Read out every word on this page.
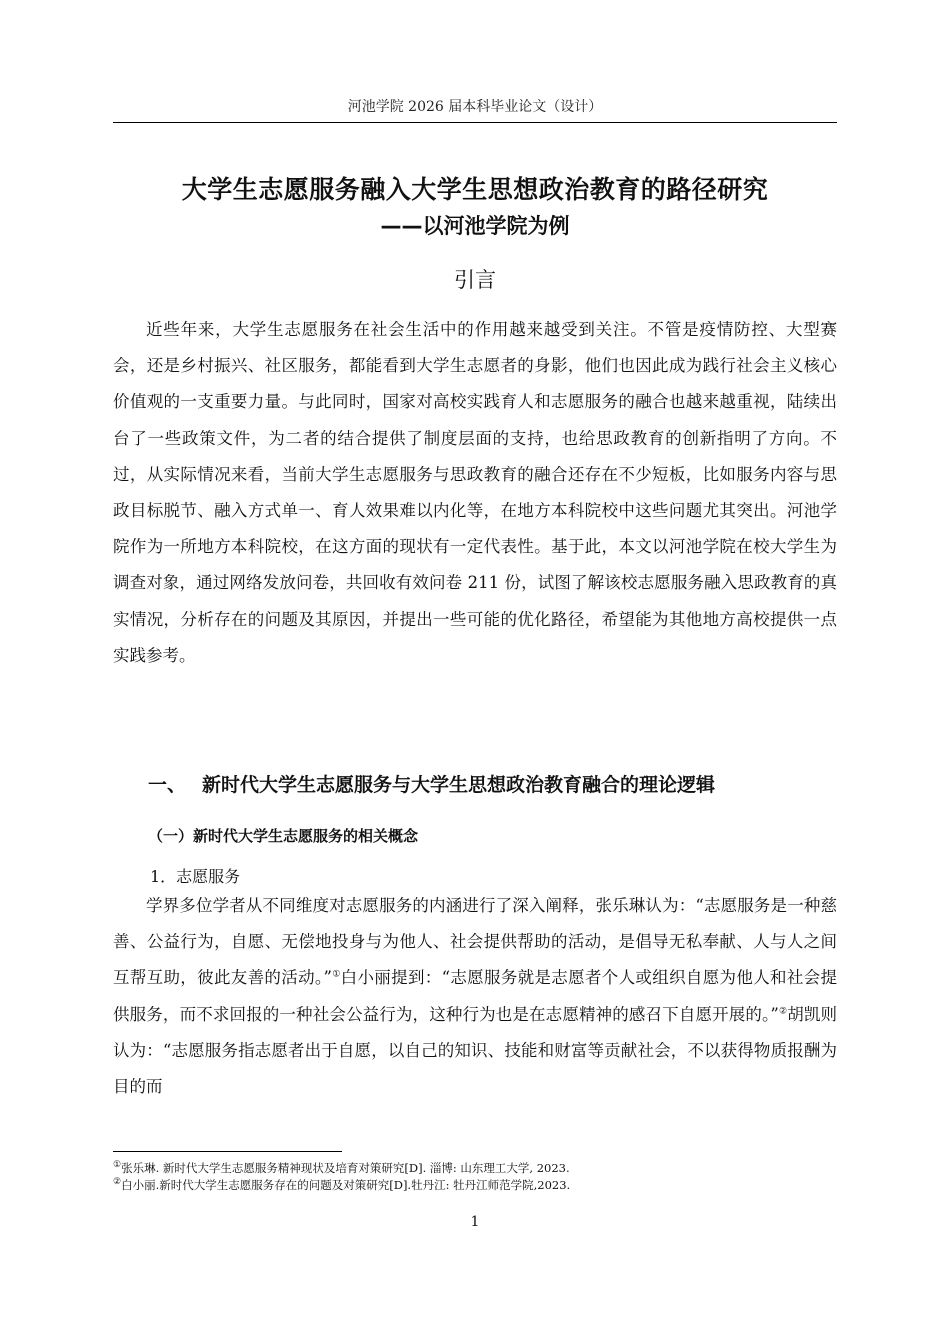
河池学院 2026 届本科毕业论文（设计）
大学生志愿服务融入大学生思想政治教育的路径研究
——以河池学院为例
引言

近些年来，大学生志愿服务在社会生活中的作用越来越受到关注。不管是疫情防控、大型赛会，还是乡村振兴、社区服务，都能看到大学生志愿者的身影，他们也因此成为践行社会主义核心价值观的一支重要力量。与此同时，国家对高校实践育人和志愿服务的融合也越来越重视，陆续出台了一些政策文件，为二者的结合提供了制度层面的支持，也给思政教育的创新指明了方向。不过，从实际情况来看，当前大学生志愿服务与思政教育的融合还存在不少短板，比如服务内容与思政目标脱节、融入方式单一、育人效果难以内化等，在地方本科院校中这些问题尤其突出。河池学院作为一所地方本科院校，在这方面的现状有一定代表性。基于此，本文以河池学院在校大学生为调查对象，通过网络发放问卷，共回收有效问卷 211 份，试图了解该校志愿服务融入思政教育的真实情况，分析存在的问题及其原因，并提出一些可能的优化路径，希望能为其他地方高校提供一点实践参考。

一、 新时代大学生志愿服务与大学生思想政治教育融合的理论逻辑
（一）新时代大学生志愿服务的相关概念
1．志愿服务

学界多位学者从不同维度对志愿服务的内涵进行了深入阐释，张乐琳认为：“志愿服务是一种慈善、公益行为，自愿、无偿地投身与为他人、社会提供帮助的活动，是倡导无私奉献、人与人之间互帮互助，彼此友善的活动。”①白小丽提到：“志愿服务就是志愿者个人或组织自愿为他人和社会提供服务，而不求回报的一种社会公益行为，这种行为也是在志愿精神的感召下自愿开展的。”②胡凯则认为：“志愿服务指志愿者出于自愿，以自己的知识、技能和财富等贡献社会，不以获得物质报酬为目的而

①张乐琳. 新时代大学生志愿服务精神现状及培育对策研究[D]. 淄博: 山东理工大学, 2023.
②白小丽.新时代大学生志愿服务存在的问题及对策研究[D].牡丹江: 牡丹江师范学院,2023.
1
